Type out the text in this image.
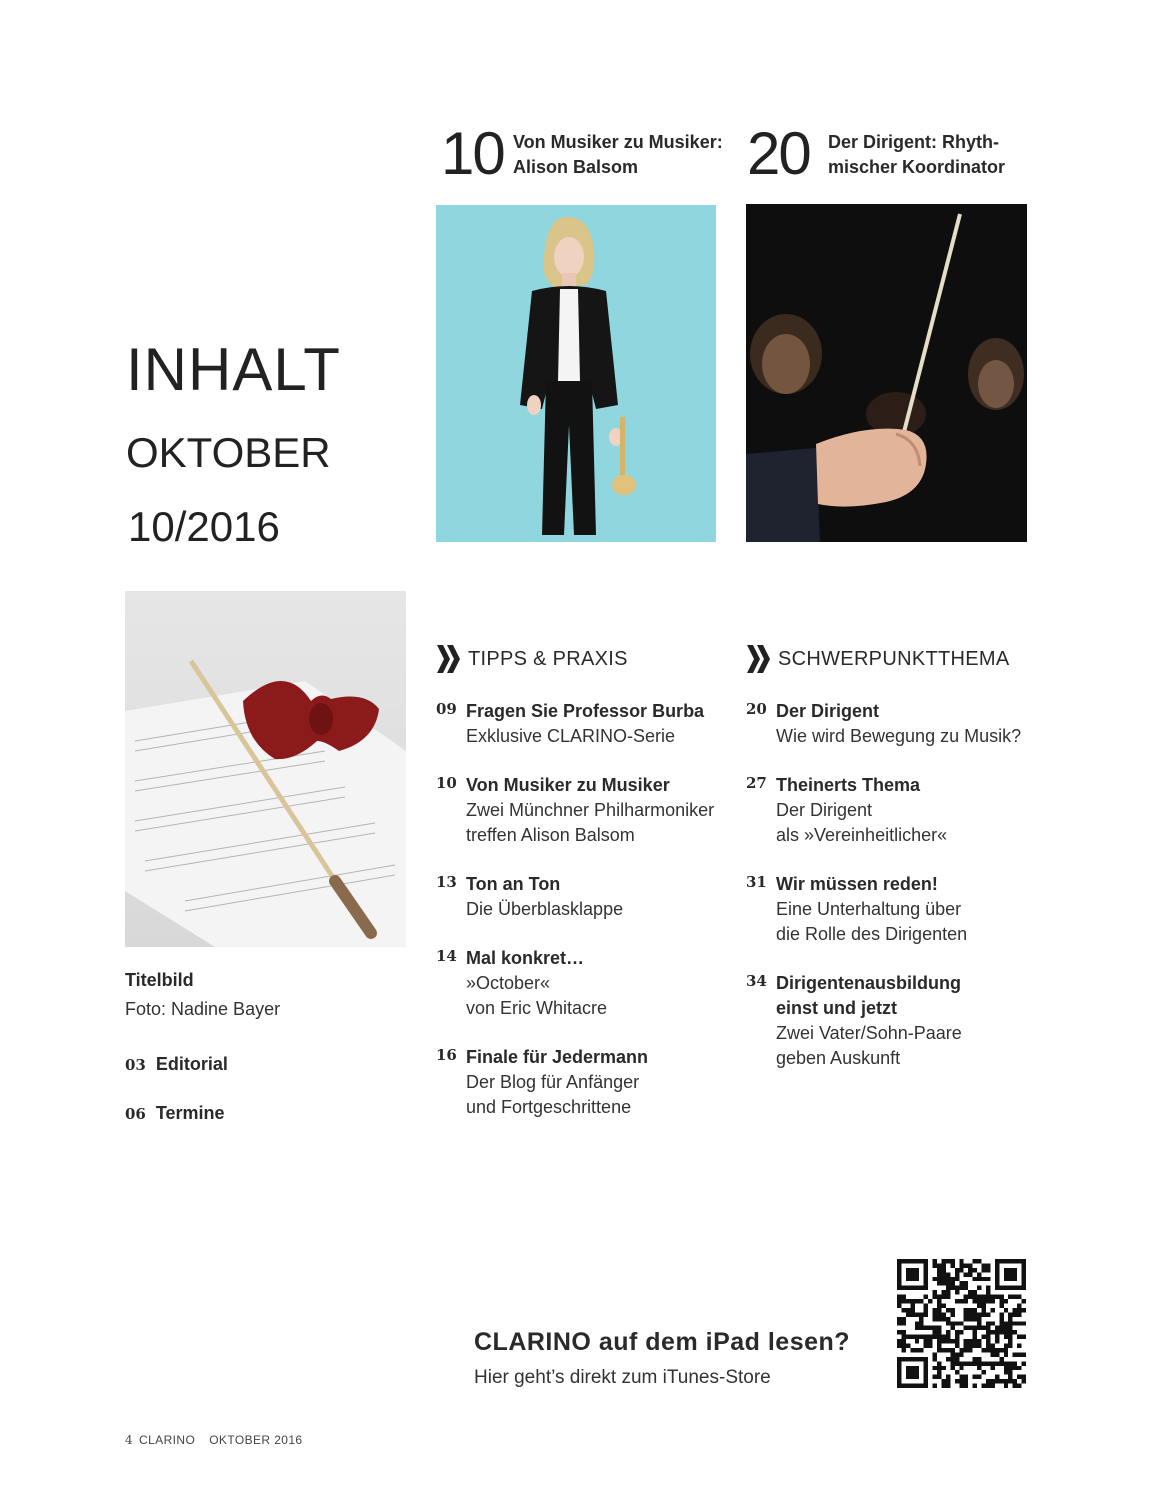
INHALT
OKTOBER
10/2016
10 Von Musiker zu Musiker:
Alison Balsom	20 Der Dirigent: Rhyth-
mischer Koordinator
Titelbild
Foto: Nadine Bayer
03 Editorial
06 Termine
TIPPS & PRAXIS	SCHWERPUNKTTHEMA
09 Fragen Sie Professor Burba
Exklusive CLARINO-Serie
10 Von Musiker zu Musiker
Zwei Münchner Philharmoniker
treffen Alison Balsom
13 Ton an Ton
Die Überblasklappe
14 Mal konkret…
»October«
von Eric Whitacre
16 Finale für Jedermann
Der Blog für Anfänger
und Fortgeschrittene
20 Der Dirigent
Wie wird Bewegung zu Musik?
27 Theinerts Thema
Der Dirigent
als »Vereinheitlicher«
31 Wir müssen reden!
Eine Unterhaltung über
die Rolle des Dirigenten
34 Dirigentenausbildung
einst und jetzt
Zwei Vater/Sohn-Paare
geben Auskunft
CLARINO auf dem iPad lesen?
Hier geht’s direkt zum iTunes-Store
4 CLARINO OKTOBER 2016
